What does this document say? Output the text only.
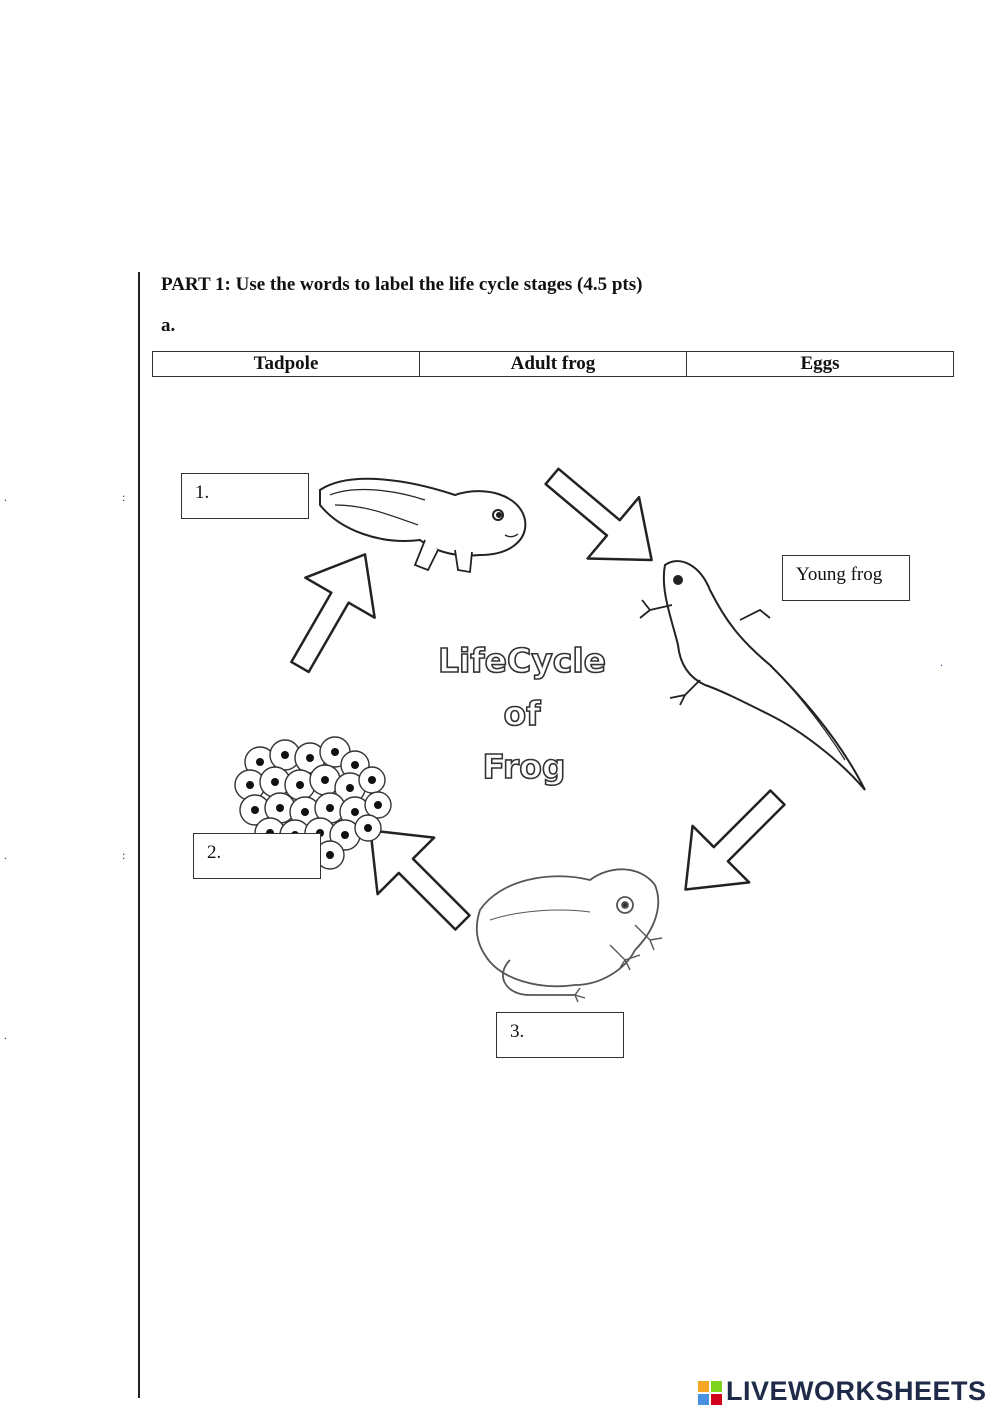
PART 1: Use the words to label the life cycle stages (4.5 pts)
a.
Tadpole	Adult frog	Eggs
.	:
.	:
.
.
LifeCycle
of
Frog
1.
2.
3.
Young frog
LIVEWORKSHEETS
